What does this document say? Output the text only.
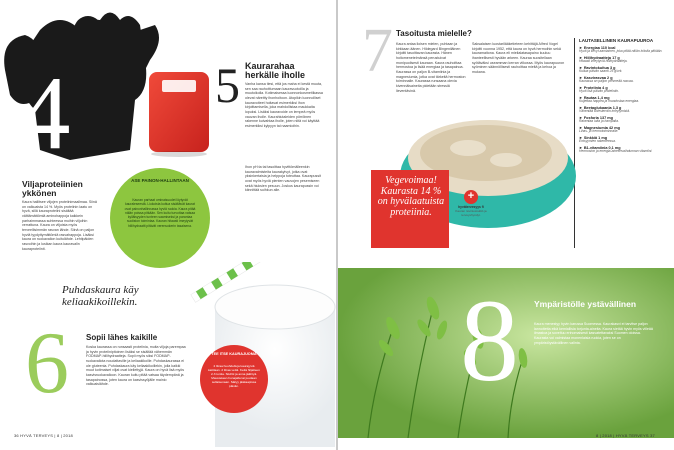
4
Viljaproteiinien ykkönen
Kaura hallitsee viljojen proteiinimaailmaa. Siinä on valkuaista 14 %. Myös proteiinin laatu on hyvä, sillä kauraproteiini sisältää välttämättömiä aminohappoja kaikkein parhaimmassa suhteessa muihin viljoihin verrattuna. Kaura on viljoista myös terveellisimmän rasvan lähde. Siinä on paljon hyviä tyydyttymättömiä rasvahappoja. Lisäksi kaura on ruokavalion kuitulähde. Lehtipäiden rasvoihin ja lusikan kaura kauravalin kauraproteiinit.
5 Kaurarahaa herkälle iholle
Vanha kansa tiesi, että jos maha ei kestä muuta, sen saa rauhoittumaan kauravuotoilla ja muutoikolla. Kotimaisessa luonnonkosmetiikassa olevat näreitty ihonhoitoon. Atopikin luonnolliset kauravoiteet hoitavat esimerkiksi ihon kirjoittamisella, joka mahdollistaa maukkaita lopuksi. Lisäksi kauravoide on lempeä myös vauvan iholle. Kaurahiutaleiden pörröinen rakenne kuivahtaa iholle, joten niitä voi käyttää esimerkiksi kylpyyn tai naamioihin.
Ihon pH:ta tai tasoittaa hyvittömälleenkin kauravalmisteita kaurakylvyt, jotka ovat yksinkertaisia ja helppoja toteuttaa. Kaurapussit ovat myös hyviä pienten vauvojen pesemiseen sekä hiuksien pesuun. Joskus kaurapussin voi kiinnittää suihkun alle.
ASE PAINON-HALLINTAAN
Kauran parhaat ominaisuudet löytyvät kauraleseestä. Liukoista kuitua sisältävät kaurat ovat painonhallinnassa hyviä ruokia. Kaura pitää nälän poissa pitkään. Sen kuitu turvottaa vatsaa kylläisyyden tunteen saamiseksi ja parantaa suoliston toimintaa. Kauran hitaasti imeytyvät hiilihydraatit pitävät verensokerin tasaisena.
Puhdaskaura käy keliaakikoillekin.
6 Sopii lähes kaikille
Koska kaurassa on runsaasti proteiinia, muita viljoja parempaa ja hyvin proteiinipitoinen lisäksi se sisältää vähemmän FODMAP-hiilihydraatteja. Sopii myös siksi FODMAP-ruokavaliota noudattaville ja keliaakikoille. Puhdaskaurassa ei ole gluteenia. Puhdaskaura käy keliaakikoillekin, jolla kaikki muut kotimaiset viljat ovat kiellettyjä. Kaura on hyvä lisä myös kasvisruokavalioon. Kauran kuitu pitää vatsaa täydempänä ja tasapainossa, joten kaura on kasvissyöjälle mainio valkuaislähde.
TEE ITSE KAURAJUOMA
2 litraa huuhdeltuja kaurajyviä kattilaan. 2 litraa vettä. Keitä hiljalleen 2-3 tuntia. Siivilöi ja anna jäähtyä. Maustetaan hunajalla tai juodaan sellaisenaan. Säilyy jääkaapissa päivän.
36 HYVÄ TERVEYS | 8 | 2018
7 Tasoitusta mielelle?
Kaura antaa iloisen mielen, puhtaan ja kirkkaan äänen. Hildegard Bingeniläinen kirjoitti tasoittavan kaurasta. Hänen hoitomenetelmänsä perustuivat monipuolisesti kauraan. Kaura rauhoittaa hermostoa ja lisää energiaa ja tasapainoa. Kaurassa on paljon B-vitamiinia ja magnesiumia, jotka ovat tärkeitä hermoston toiminnalle. Kaurassa runsaana olevia kivennäisaineita pidetään stressiä lieventävinä.
Saksalaisen luostarilääketieteen kehittäjä Alfred Vogel kirjoitti vuonna 1952, että kaura on hyvä hermoihin sekä kauramaitona. Kaura eli mielialatasapaino kuuluu ihanteellisesti hyvään arkeen. Kauraa suositellaan syötäväksi useamman kerran viikossa. Myös kaurapuuron syöminen säännöllisesti rauhoittaa mieltä ja kehoa ja mukana.
LAUTASELLINEN KAURAPUUROA
► Energiaa 110 kcal
Hyvä ja kevyt aamiainen, joka pitää nälän loitolla pitkään.
► Hiilihydraatteja 17 g
Hitaasti imeytyviä hiilihydraatteja.
► Ravintokuitua 3 g
Kuitua päivän saanti 25 g/vrk.
► Kasvirasvaa 2 g
Kaurassa on paljon pehmeää rasvaa.
► Proteiinia 4 g
Hyvä lisä päivän proteiiniin.
► Rautaa 1,4 mg
Kuljettaa happea ja muodostaa energiaa.
► Beetaglukaania 1,3 g
Vähentää kolesterolin imeytymistä.
► Fosforia 137 mg
Rakentaa luita ja hampaita.
► Magnesiumia 42 mg
Lihas- ja hermotoiminnalle.
► Sinkkiä 1 mg
Entsyymien rakenteessa.
► B1-vitamiinia 0,1 mg
Hermoston ja energia-aineenvaihdunnan vitamiini.
Vegevoimaa! Kaurasta 14 % on hyvälaatuista proteiinia.
+
hyvätervesyys fi
Kauran ravintosisältö ja terveyshyödyt.
8 Ympäristölle ystävällinen
Kaura menestyy hyvin karussa Suomessa. Kaurakasvi ei tarvitse paljon lannoitetta eikä kemiallisia torjunta-aineita. Kaura sietää hyvin myös viileää ilmastoa ja soveltuu erinomaisesti kasvatettavaksi Suomen oloissa. Kaurasta voi valmistaa monenlaisia ruokia, joten se on ympäristöystävällinen valinta.
8 | 2018 | HYVÄ TERVEYS 37
